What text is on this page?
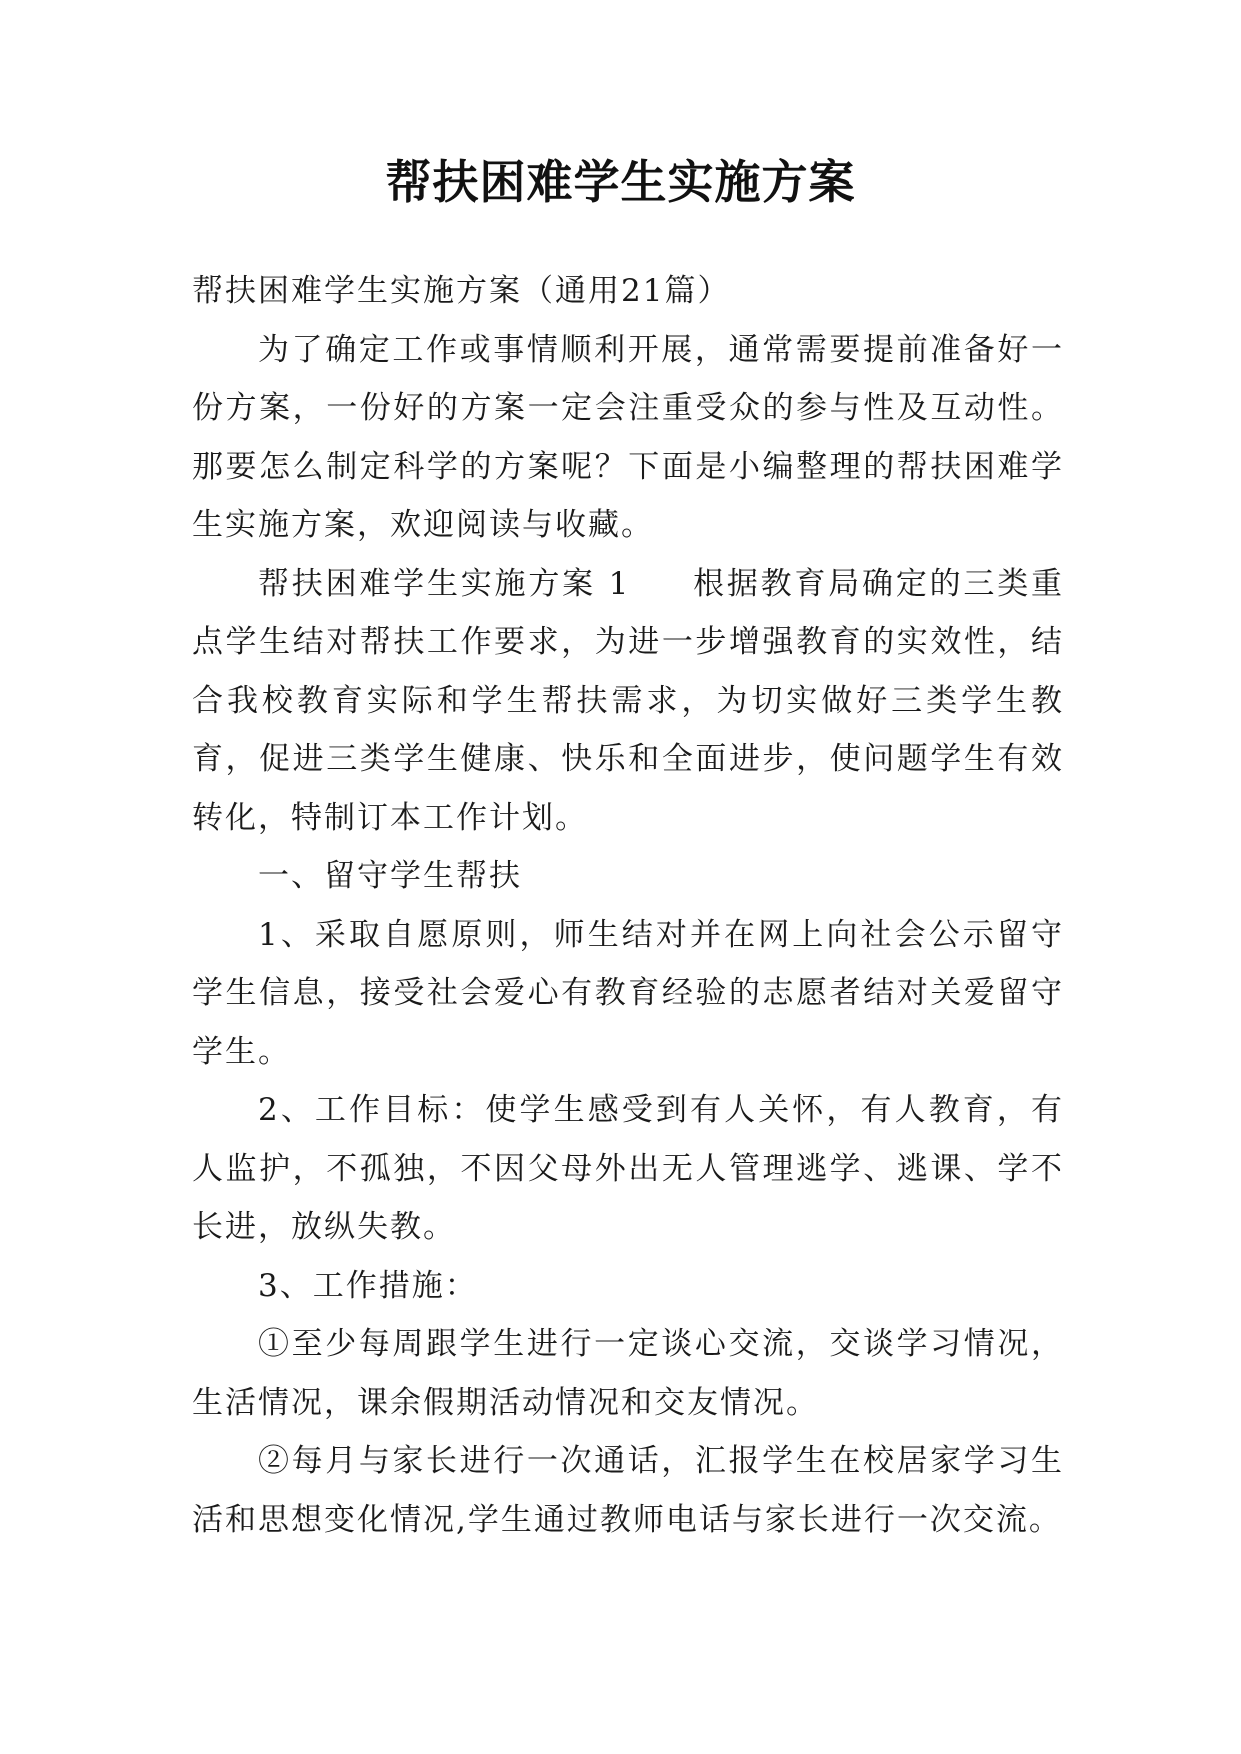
帮扶困难学生实施方案

帮扶困难学生实施方案（通用21篇）

为了确定工作或事情顺利开展，通常需要提前准备好一份方案，一份好的方案一定会注重受众的参与性及互动性。那要怎么制定科学的方案呢？下面是小编整理的帮扶困难学生实施方案，欢迎阅读与收藏。

帮扶困难学生实施方案 1 根据教育局确定的三类重点学生结对帮扶工作要求，为进一步增强教育的实效性，结合我校教育实际和学生帮扶需求，为切实做好三类学生教育，促进三类学生健康、快乐和全面进步，使问题学生有效转化，特制订本工作计划。

一、留守学生帮扶

1、采取自愿原则，师生结对并在网上向社会公示留守学生信息，接受社会爱心有教育经验的志愿者结对关爱留守学生。

2、工作目标：使学生感受到有人关怀，有人教育，有人监护，不孤独，不因父母外出无人管理逃学、逃课、学不长进，放纵失教。

3、工作措施：

①至少每周跟学生进行一定谈心交流，交谈学习情况，生活情况，课余假期活动情况和交友情况。

②每月与家长进行一次通话，汇报学生在校居家学习生活和思想变化情况,学生通过教师电话与家长进行一次交流。
